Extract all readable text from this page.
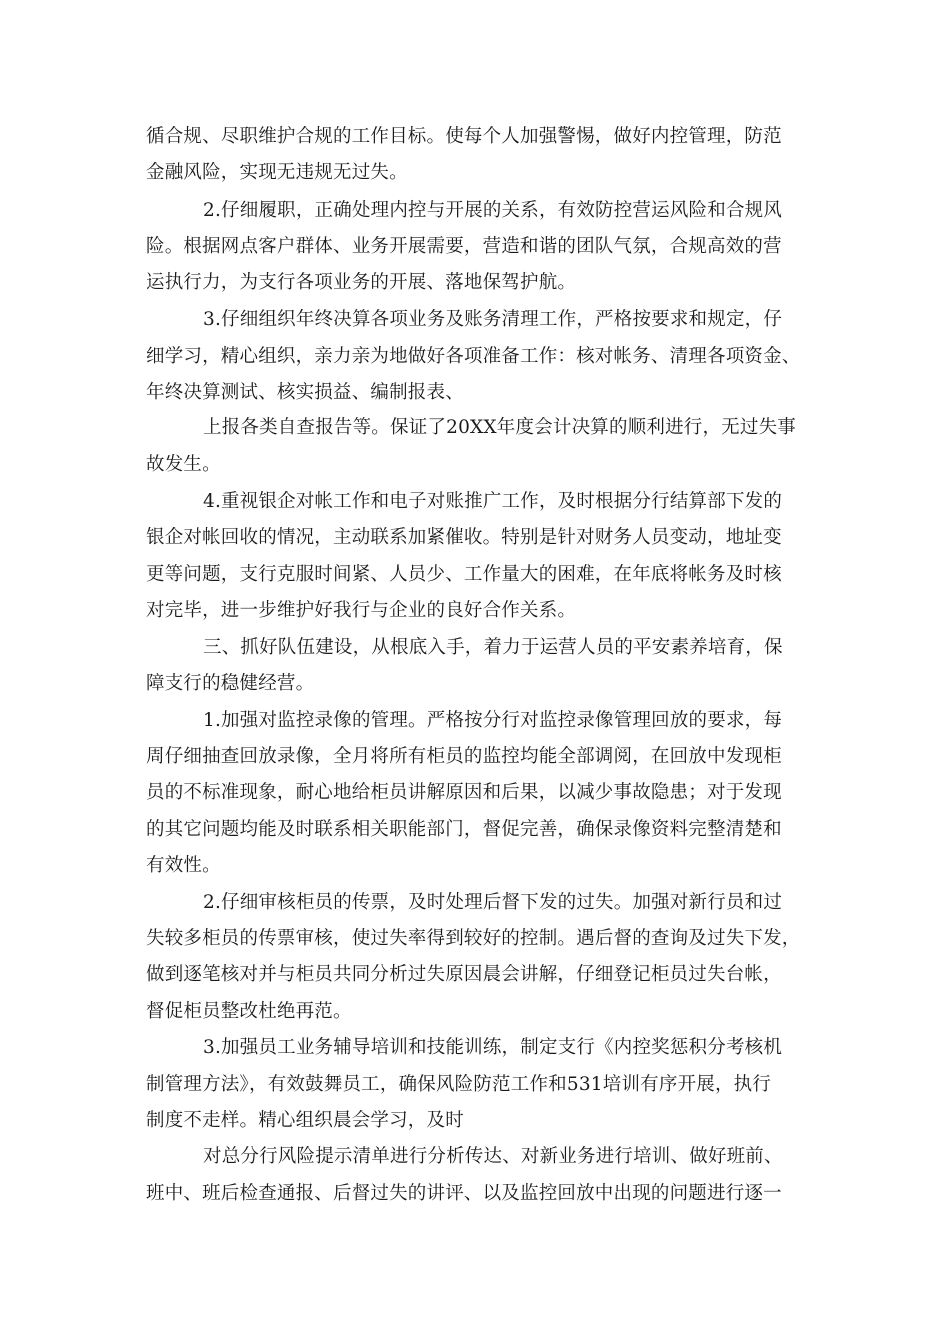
循合规、尽职维护合规的工作目标。使每个人加强警惕，做好内控管理，防范
金融风险，实现无违规无过失。
2.仔细履职，正确处理内控与开展的关系，有效防控营运风险和合规风
险。根据网点客户群体、业务开展需要，营造和谐的团队气氛，合规高效的营
运执行力，为支行各项业务的开展、落地保驾护航。
3.仔细组织年终决算各项业务及账务清理工作，严格按要求和规定，仔
细学习，精心组织，亲力亲为地做好各项准备工作：核对帐务、清理各项资金、
年终决算测试、核实损益、编制报表、
上报各类自查报告等。保证了20XX年度会计决算的顺利进行，无过失事
故发生。
4.重视银企对帐工作和电子对账推广工作，及时根据分行结算部下发的
银企对帐回收的情况，主动联系加紧催收。特别是针对财务人员变动，地址变
更等问题，支行克服时间紧、人员少、工作量大的困难，在年底将帐务及时核
对完毕，进一步维护好我行与企业的良好合作关系。
三、抓好队伍建设，从根底入手，着力于运营人员的平安素养培育，保
障支行的稳健经营。
1.加强对监控录像的管理。严格按分行对监控录像管理回放的要求，每
周仔细抽查回放录像，全月将所有柜员的监控均能全部调阅，在回放中发现柜
员的不标准现象，耐心地给柜员讲解原因和后果，以减少事故隐患；对于发现
的其它问题均能及时联系相关职能部门，督促完善，确保录像资料完整清楚和
有效性。
2.仔细审核柜员的传票，及时处理后督下发的过失。加强对新行员和过
失较多柜员的传票审核，使过失率得到较好的控制。遇后督的查询及过失下发，
做到逐笔核对并与柜员共同分析过失原因晨会讲解，仔细登记柜员过失台帐，
督促柜员整改杜绝再范。
3.加强员工业务辅导培训和技能训练，制定支行《内控奖惩积分考核机
制管理方法》，有效鼓舞员工，确保风险防范工作和531培训有序开展，执行
制度不走样。精心组织晨会学习，及时
对总分行风险提示清单进行分析传达、对新业务进行培训、做好班前、
班中、班后检查通报、后督过失的讲评、以及监控回放中出现的问题进行逐一
